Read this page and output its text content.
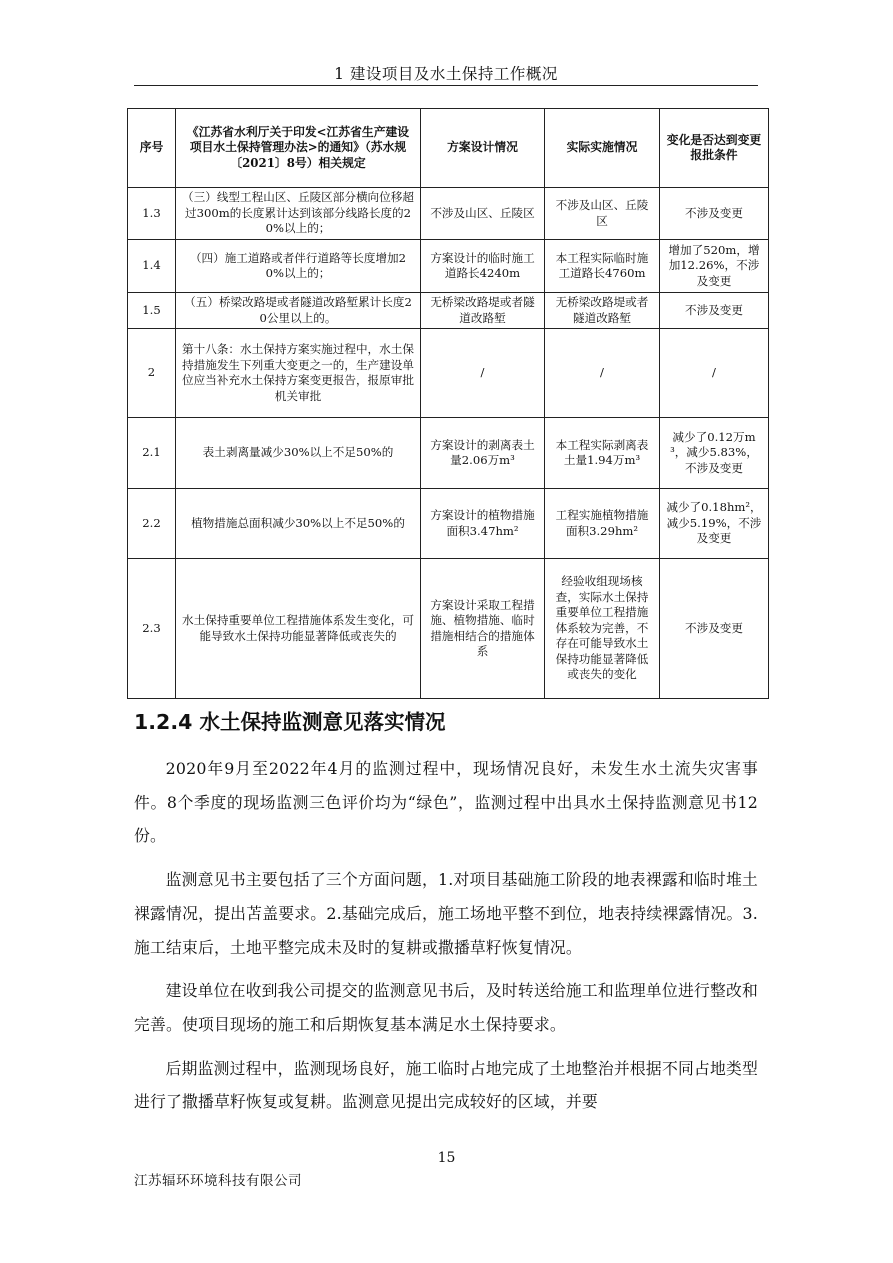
1 建设项目及水土保持工作概况
序号	《江苏省水利厅关于印发<江苏省生产建设项目水土保持管理办法>的通知》（苏水规〔2021〕8号）相关规定	方案设计情况	实际实施情况	变化是否达到变更报批条件
1.3	（三）线型工程山区、丘陵区部分横向位移超过300m的长度累计达到该部分线路长度的20%以上的；	不涉及山区、丘陵区	不涉及山区、丘陵区	不涉及变更
1.4	（四）施工道路或者伴行道路等长度增加20%以上的；	方案设计的临时施工道路长4240m	本工程实际临时施工道路长4760m	增加了520m，增加12.26%，不涉及变更
1.5	（五）桥梁改路堤或者隧道改路堑累计长度20公里以上的。	无桥梁改路堤或者隧道改路堑	无桥梁改路堤或者隧道改路堑	不涉及变更
2	第十八条：水土保持方案实施过程中，水土保持措施发生下列重大变更之一的，生产建设单位应当补充水土保持方案变更报告，报原审批机关审批	/	/	/
2.1	表土剥离量减少30%以上不足50%的	方案设计的剥离表土量2.06万m³	本工程实际剥离表土量1.94万m³	减少了0.12万m³，减少5.83%，不涉及变更
2.2	植物措施总面积减少30%以上不足50%的	方案设计的植物措施面积3.47hm²	工程实施植物措施面积3.29hm²	减少了0.18hm²，减少5.19%，不涉及变更
2.3	水土保持重要单位工程措施体系发生变化，可能导致水土保持功能显著降低或丧失的	方案设计采取工程措施、植物措施、临时措施相结合的措施体系	经验收组现场核查，实际水土保持重要单位工程措施体系较为完善，不存在可能导致水土保持功能显著降低或丧失的变化	不涉及变更
1.2.4 水土保持监测意见落实情况

2020年9月至2022年4月的监测过程中，现场情况良好，未发生水土流失灾害事件。8个季度的现场监测三色评价均为“绿色”，监测过程中出具水土保持监测意见书12份。

监测意见书主要包括了三个方面问题，1.对项目基础施工阶段的地表裸露和临时堆土裸露情况，提出苫盖要求。2.基础完成后，施工场地平整不到位，地表持续裸露情况。3.施工结束后，土地平整完成未及时的复耕或撒播草籽恢复情况。

建设单位在收到我公司提交的监测意见书后，及时转送给施工和监理单位进行整改和完善。使项目现场的施工和后期恢复基本满足水土保持要求。

后期监测过程中，监测现场良好，施工临时占地完成了土地整治并根据不同占地类型进行了撒播草籽恢复或复耕。监测意见提出完成较好的区域，并要

15
江苏辐环环境科技有限公司
